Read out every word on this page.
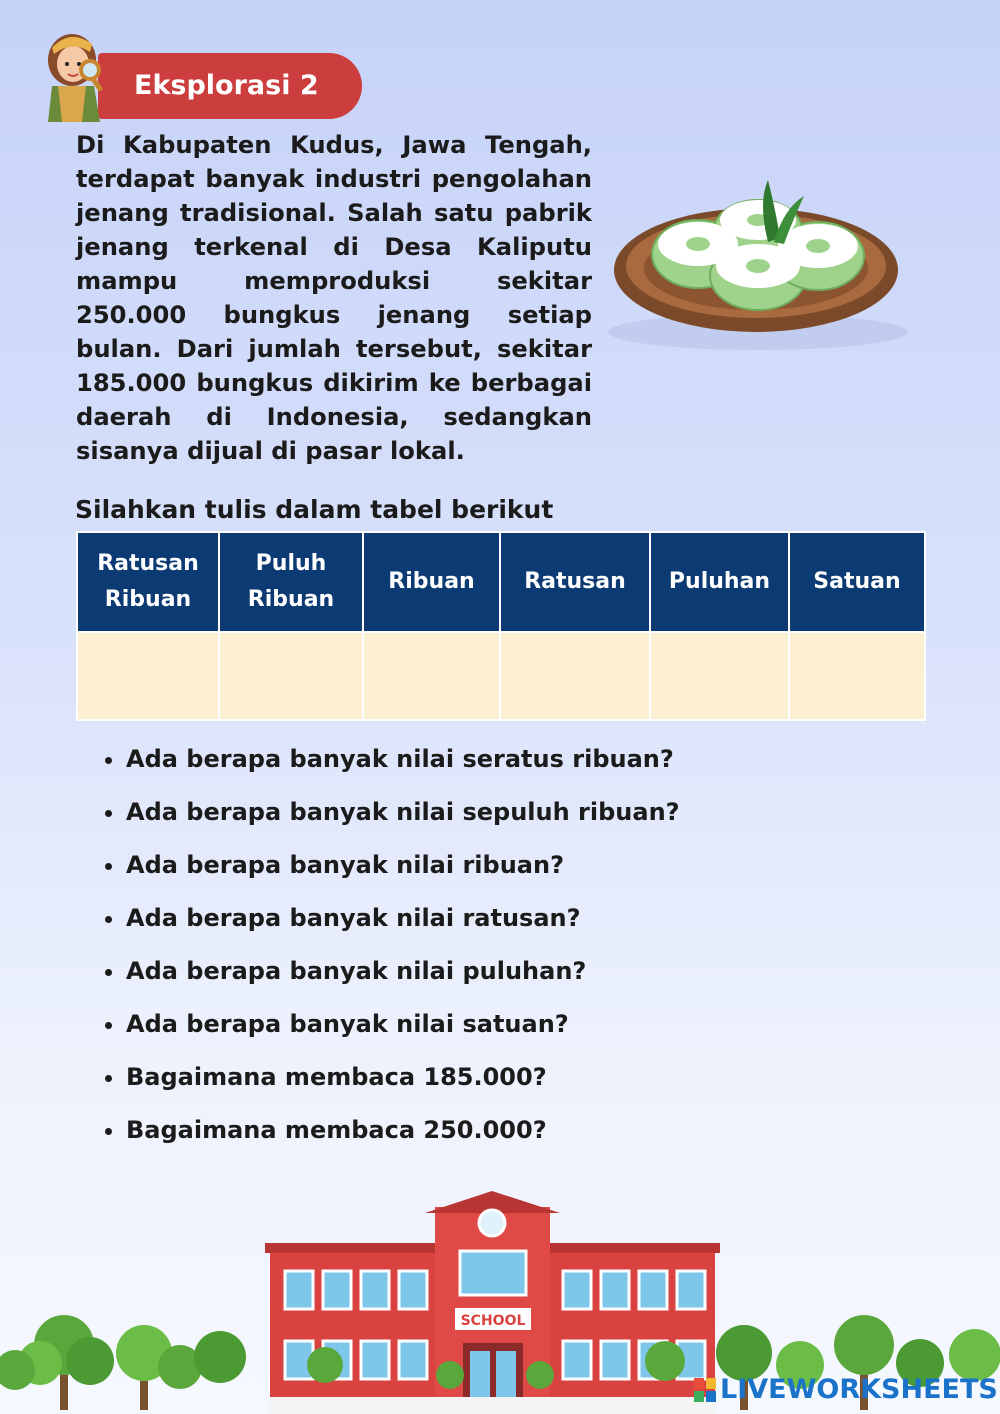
Eksplorasi 2
Di Kabupaten Kudus, Jawa Tengah, terdapat banyak industri pengolahan jenang tradisional. Salah satu pabrik jenang terkenal di Desa Kaliputu mampu memproduksi sekitar 250.000 bungkus jenang setiap bulan. Dari jumlah tersebut, sekitar 185.000 bungkus dikirim ke berbagai daerah di Indonesia, sedangkan sisanya dijual di pasar lokal.
Silahkan tulis dalam tabel berikut
Ratusan Ribuan	Puluh Ribuan	Ribuan	Ratusan	Puluhan	Satuan

• Ada berapa banyak nilai seratus ribuan?
• Ada berapa banyak nilai sepuluh ribuan?
• Ada berapa banyak nilai ribuan?
• Ada berapa banyak nilai ratusan?
• Ada berapa banyak nilai puluhan?
• Ada berapa banyak nilai satuan?
• Bagaimana membaca 185.000?
• Bagaimana membaca 250.000?
SCHOOL
LIVEWORKSHEETS
